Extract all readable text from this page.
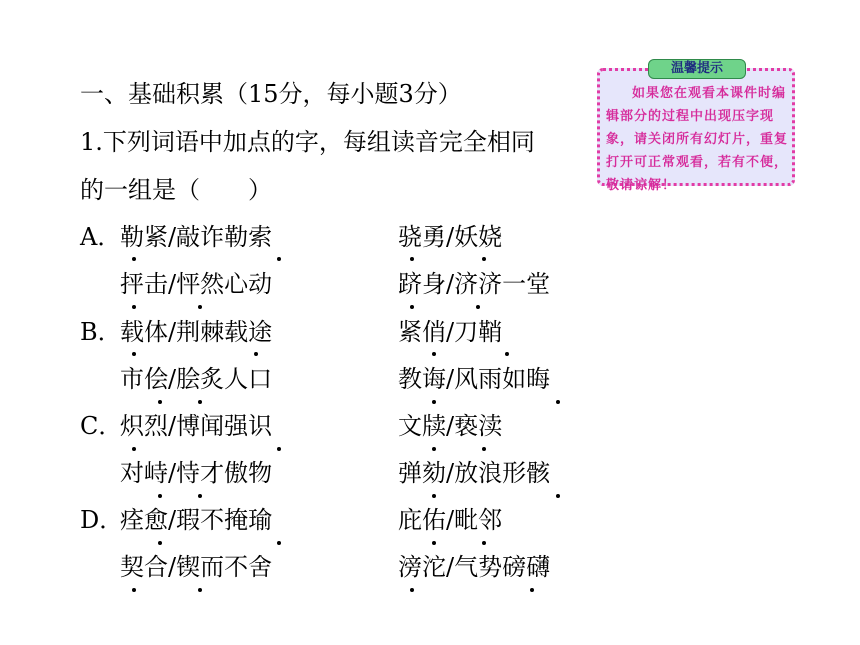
温馨提示
如果您在观看本课件时编辑部分的过程中出现压字现象，请关闭所有幻灯片，重复打开可正常观看，若有不便，敬请谅解！
一、基础积累（15分，每小题3分）
1.下列词语中加点的字，每组读音完全相同
的一组是（　　）
A．
勒紧/敲诈勒索	骁勇/妖娆
抨击/怦然心动	跻身/济济一堂
B．
载体/荆棘载途	紧俏/刀鞘
市侩/脍炙人口	教诲/风雨如晦
C．
炽烈/博闻强识	文牍/亵渎
对峙/恃才傲物	弹劾/放浪形骸
D．
痊愈/瑕不掩瑜	庇佑/毗邻
契合/锲而不舍	滂沱/气势磅礴
